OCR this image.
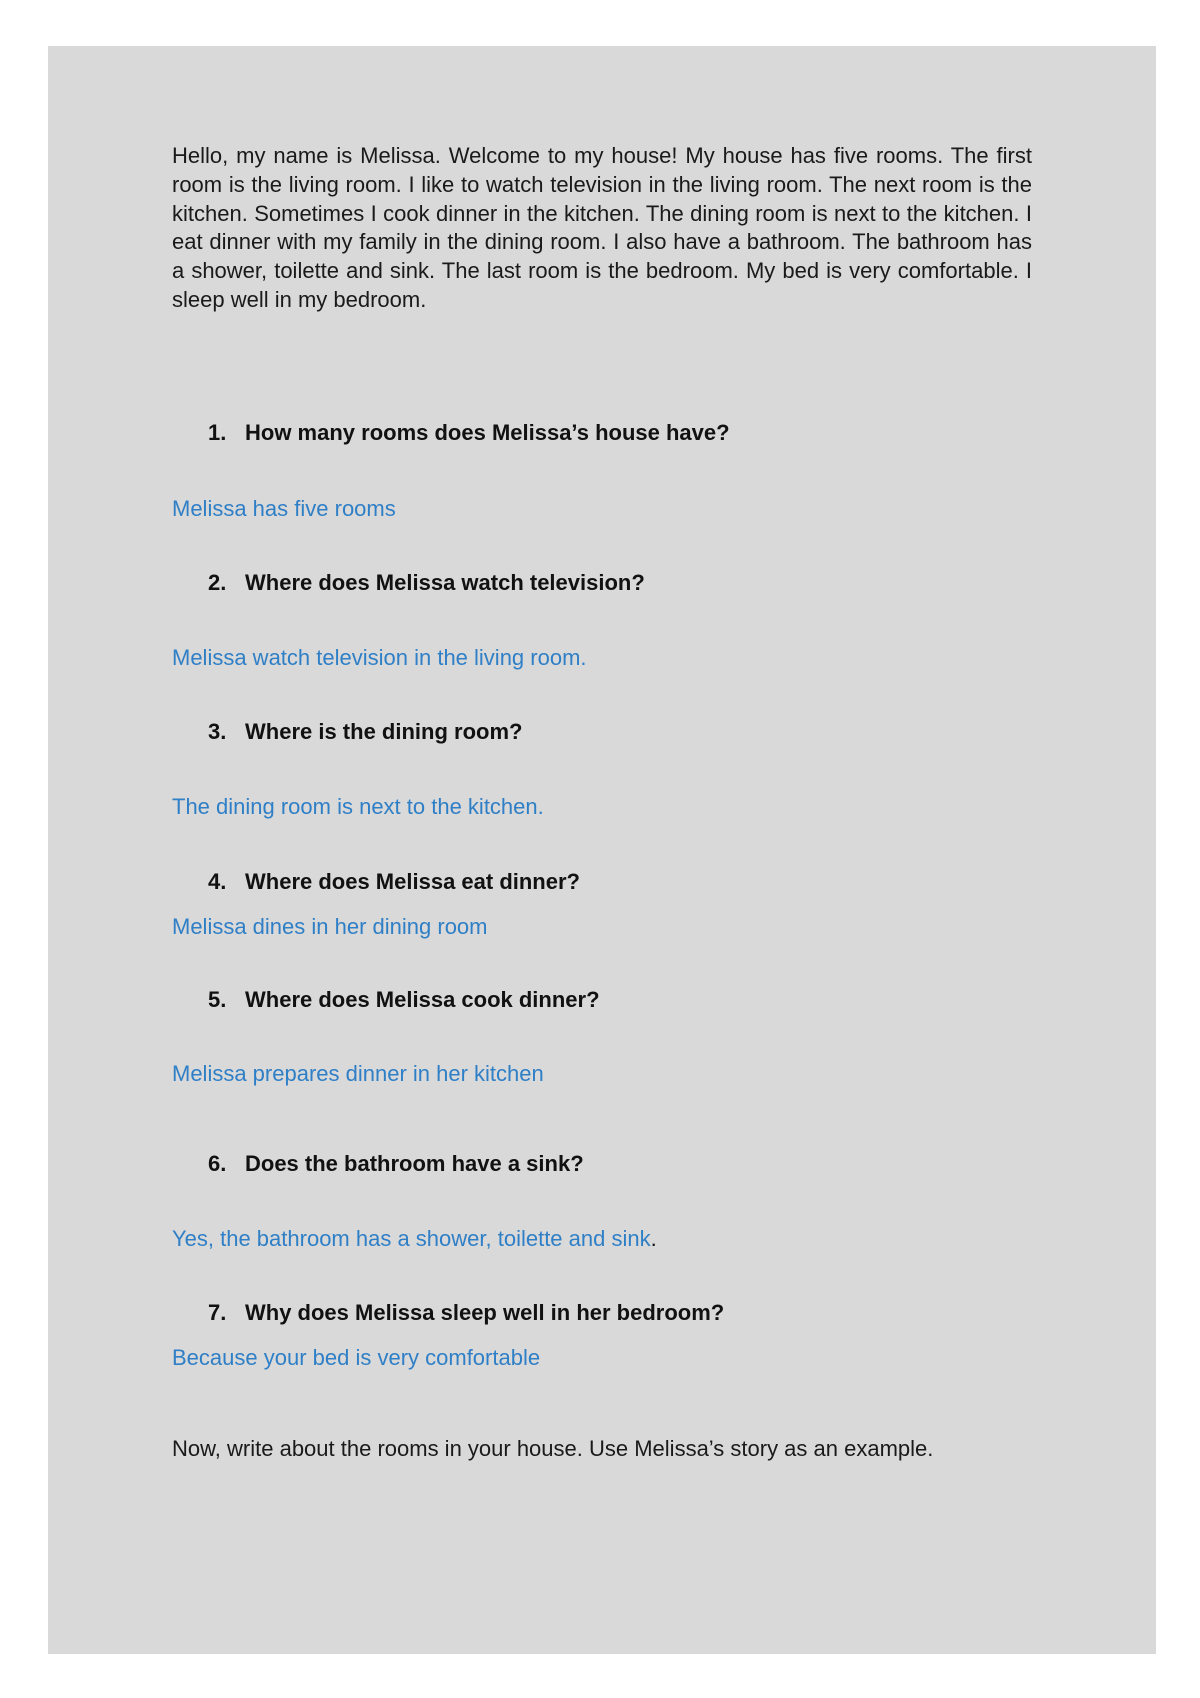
Hello, my name is Melissa. Welcome to my house! My house has five rooms. The first room is the living room. I like to watch television in the living room. The next room is the kitchen. Sometimes I cook dinner in the kitchen. The dining room is next to the kitchen. I eat dinner with my family in the dining room. I also have a bathroom. The bathroom has a shower, toilette and sink. The last room is the bedroom. My bed is very comfortable. I sleep well in my bedroom.

1. How many rooms does Melissa’s house have?
Melissa has five rooms
2. Where does Melissa watch television?
Melissa watch television in the living room.
3. Where is the dining room?
The dining room is next to the kitchen.
4. Where does Melissa eat dinner?
Melissa dines in her dining room
5. Where does Melissa cook dinner?
Melissa prepares dinner in her kitchen
6. Does the bathroom have a sink?
Yes, the bathroom has a shower, toilette and sink.
7. Why does Melissa sleep well in her bedroom?
Because your bed is very comfortable
Now, write about the rooms in your house. Use Melissa’s story as an example.
